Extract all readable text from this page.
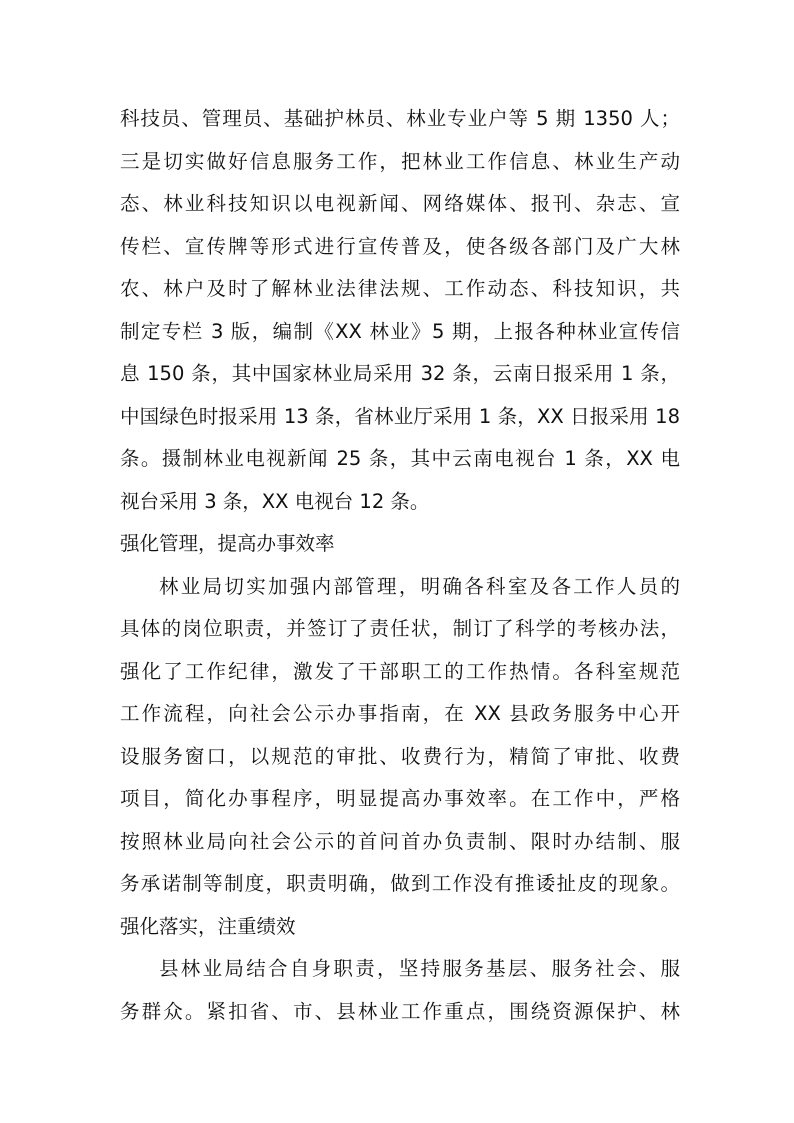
科技员、管理员、基础护林员、林业专业户等 5 期 1350 人；
三是切实做好信息服务工作，把林业工作信息、林业生产动
态、林业科技知识以电视新闻、网络媒体、报刊、杂志、宣
传栏、宣传牌等形式进行宣传普及，使各级各部门及广大林
农、林户及时了解林业法律法规、工作动态、科技知识，共
制定专栏 3 版，编制《XX 林业》5 期，上报各种林业宣传信
息 150 条，其中国家林业局采用 32 条，云南日报采用 1 条，
中国绿色时报采用 13 条，省林业厅采用 1 条，XX 日报采用 18
条。摄制林业电视新闻 25 条，其中云南电视台 1 条，XX 电
视台采用 3 条，XX 电视台 12 条。
强化管理，提高办事效率
林业局切实加强内部管理，明确各科室及各工作人员的
具体的岗位职责，并签订了责任状，制订了科学的考核办法，
强化了工作纪律，激发了干部职工的工作热情。各科室规范
工作流程，向社会公示办事指南，在 XX 县政务服务中心开
设服务窗口，以规范的审批、收费行为，精简了审批、收费
项目，简化办事程序，明显提高办事效率。在工作中，严格
按照林业局向社会公示的首问首办负责制、限时办结制、服
务承诺制等制度，职责明确，做到工作没有推诿扯皮的现象。
强化落实，注重绩效
县林业局结合自身职责，坚持服务基层、服务社会、服
务群众。紧扣省、市、县林业工作重点，围绕资源保护、林
